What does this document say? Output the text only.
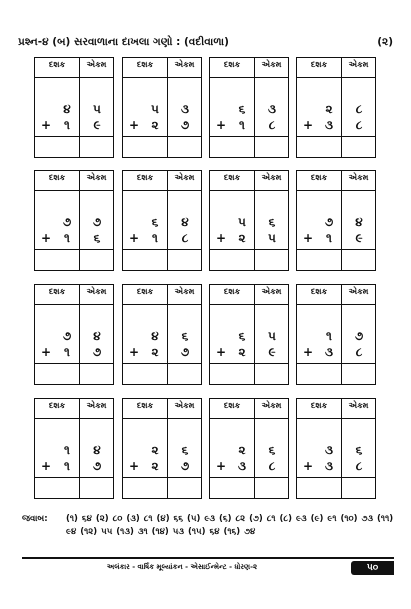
પ્રશ્ન-૪ (બ) સરવાળાના દાખલા ગણો : (વદીવાળા)	(૨)
દશક	એકમ
૪	૫
+	૧	૯
દશક	એકમ
૫	૩
+	૨	૭
દશક	એકમ
૬	૩
+	૧	૮
દશક	એકમ
૨	૮
+ ૩	૮
દશક	એકમ
૭	૭
+	૧	૬
દશક	એકમ
૬	૪
+	૧	૮
દશક	એકમ
૫	૬
+	૨	૫
દશક	એકમ
૭	૪
+	૧	૯
દશક	એકમ
૭	૪
+	૧	૭
દશક	એકમ
૪	૬
+	૨	૭
દશક	એકમ
૬	૫
+	૨	૯
દશક	એકમ
૧	૭
+ ૩	૮
દશક	એકમ
૧	૪
+	૧	૭
દશક	એકમ
૨	૬
+	૨	૭
દશક	એકમ
૨	૬
+ ૩	૮
દશક	એકમ
૩	૬
+ ૩	૮
જવાબ:	(૧) ૬૪ (૨) ૮૦ (૩) ૮૧ (૪) ૬૬ (૫) ૯૩ (૬) ૮૨ (૭) ૮૧ (૮) ૯૩ (૯) ૯૧ (૧૦) ૭૩ (૧૧) ૯૪ (૧૨) ૫૫ (૧૩) ૩૧ (૧૪) ૫૩ (૧૫) ૬૪ (૧૬) ૭૪
અલંકાર - વાર્ષિક મૂલ્યાંકન - એસાઈન્મેન્ટ - ધોરણ-૨	૫૦
